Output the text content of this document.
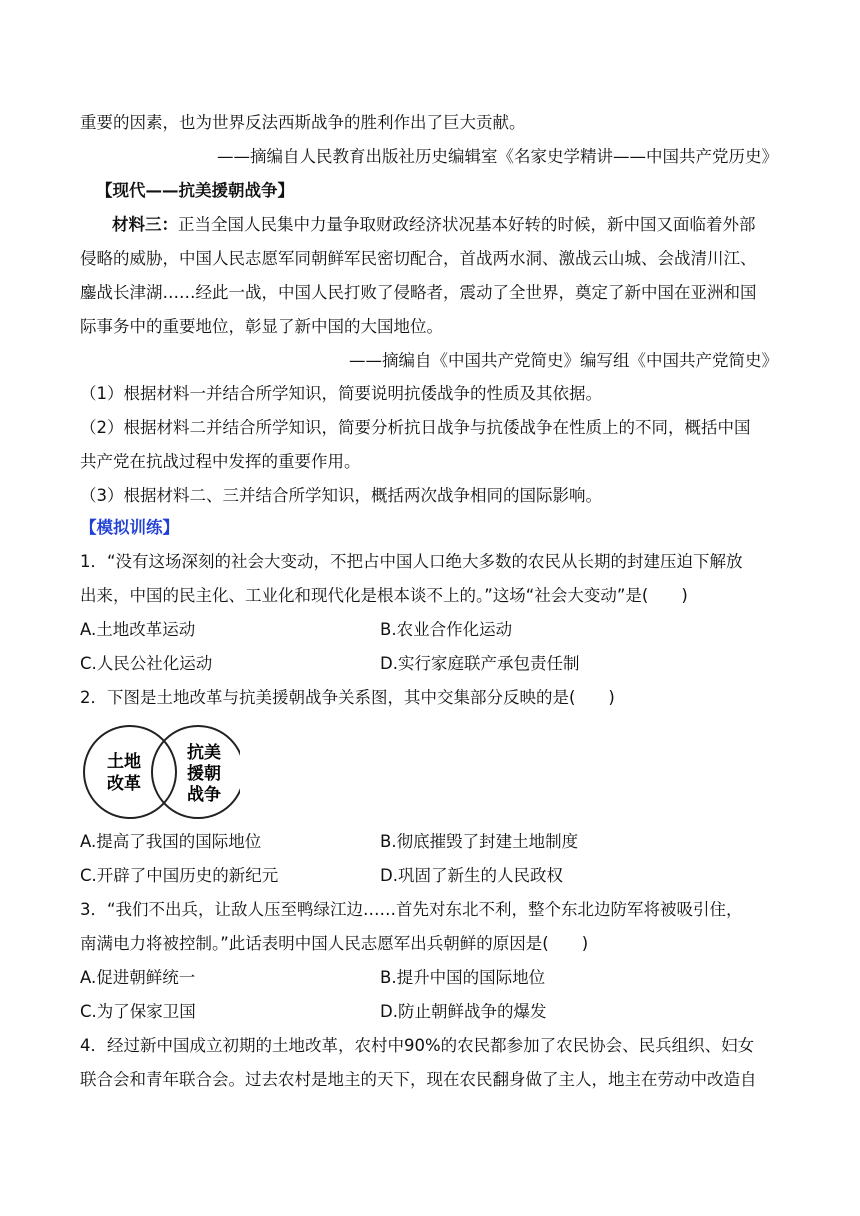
重要的因素，也为世界反法西斯战争的胜利作出了巨大贡献。
——摘编自人民教育出版社历史编辑室《名家史学精讲——中国共产党历史》
【现代——抗美援朝战争】
材料三：正当全国人民集中力量争取财政经济状况基本好转的时候，新中国又面临着外部
侵略的威胁，中国人民志愿军同朝鲜军民密切配合，首战两水洞、激战云山城、会战清川江、
鏖战长津湖……经此一战，中国人民打败了侵略者，震动了全世界，奠定了新中国在亚洲和国
际事务中的重要地位，彰显了新中国的大国地位。
——摘编自《中国共产党简史》编写组《中国共产党简史》
（1）根据材料一并结合所学知识，简要说明抗倭战争的性质及其依据。
（2）根据材料二并结合所学知识，简要分析抗日战争与抗倭战争在性质上的不同，概括中国
共产党在抗战过程中发挥的重要作用。
（3）根据材料二、三并结合所学知识，概括两次战争相同的国际影响。
【模拟训练】
1．“没有这场深刻的社会大变动，不把占中国人口绝大多数的农民从长期的封建压迫下解放
出来，中国的民主化、工业化和现代化是根本谈不上的。”这场“社会大变动”是(　　)
A.土地改革运动	B.农业合作化运动
C.人民公社化运动	D.实行家庭联产承包责任制
2．下图是土地改革与抗美援朝战争关系图，其中交集部分反映的是(　　)
土地
改革
抗美
援朝
战争
A.提高了我国的国际地位	B.彻底摧毁了封建土地制度
C.开辟了中国历史的新纪元	D.巩固了新生的人民政权
3．“我们不出兵，让敌人压至鸭绿江边……首先对东北不利，整个东北边防军将被吸引住，
南满电力将被控制。”此话表明中国人民志愿军出兵朝鲜的原因是(　　)
A.促进朝鲜统一	B.提升中国的国际地位
C.为了保家卫国	D.防止朝鲜战争的爆发
4．经过新中国成立初期的土地改革，农村中90%的农民都参加了农民协会、民兵组织、妇女
联合会和青年联合会。过去农村是地主的天下，现在农民翻身做了主人，地主在劳动中改造自
